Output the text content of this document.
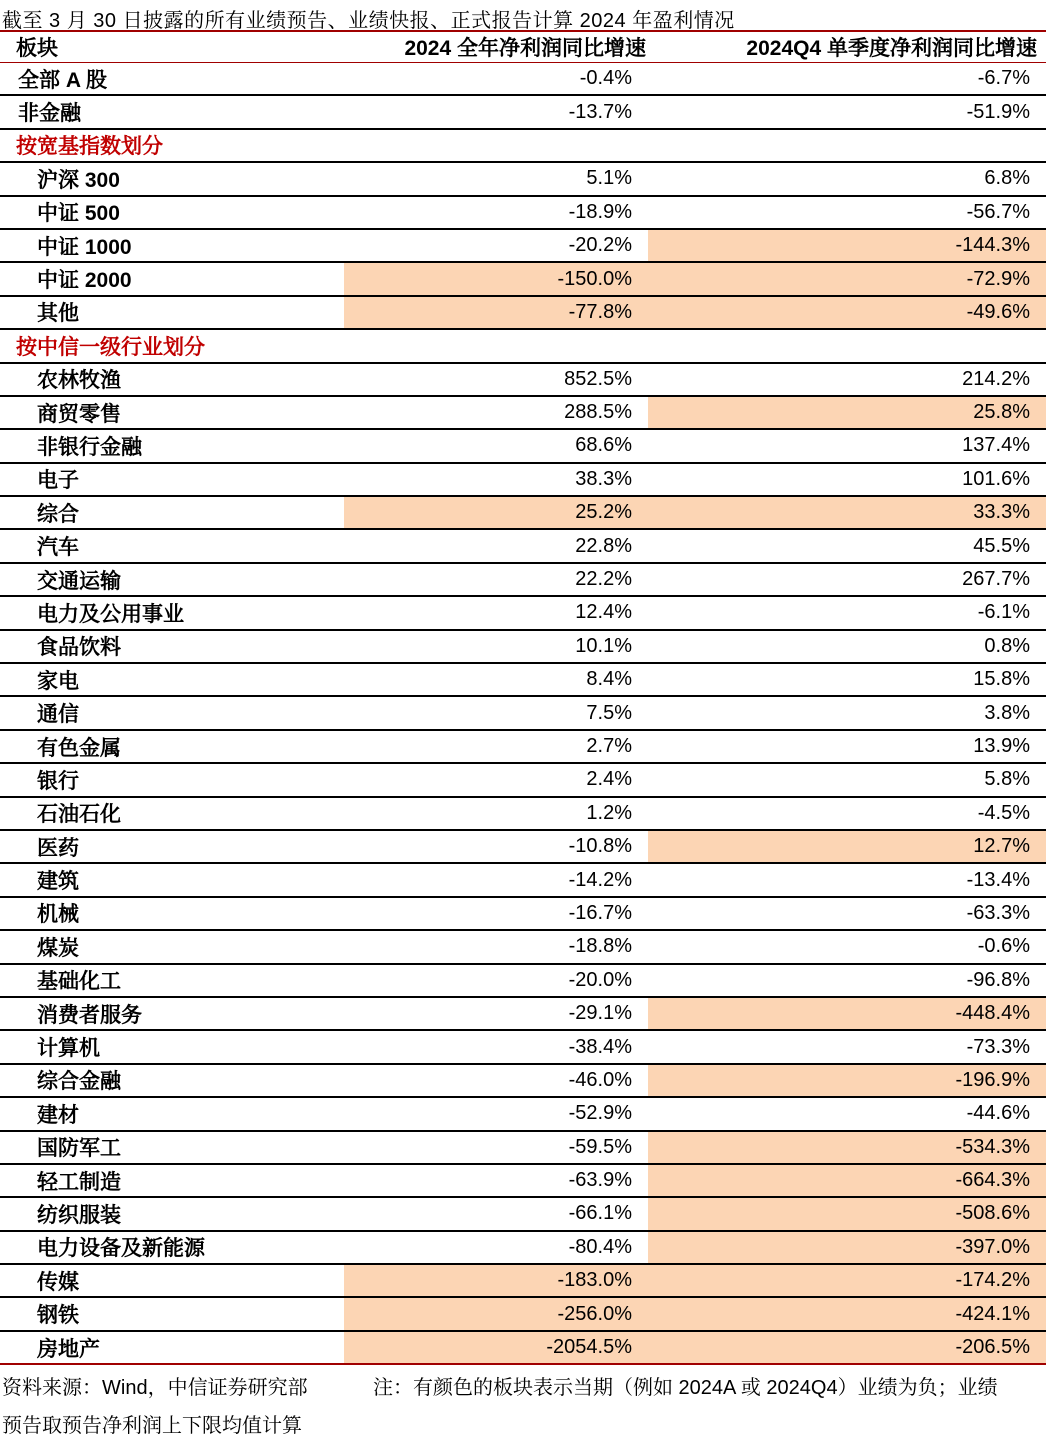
截至 3 月 30 日披露的所有业绩预告、业绩快报、正式报告计算 2024 年盈利情况
板块	2024 全年净利润同比增速	2024Q4 单季度净利润同比增速
全部 A 股	-0.4%	-6.7%
非金融	-13.7%	-51.9%
按宽基指数划分		
沪深 300	5.1%	6.8%
中证 500	-18.9%	-56.7%
中证 1000	-20.2%	-144.3%
中证 2000	-150.0%	-72.9%
其他	-77.8%	-49.6%
按中信一级行业划分		
农林牧渔	852.5%	214.2%
商贸零售	288.5%	25.8%
非银行金融	68.6%	137.4%
电子	38.3%	101.6%
综合	25.2%	33.3%
汽车	22.8%	45.5%
交通运输	22.2%	267.7%
电力及公用事业	12.4%	-6.1%
食品饮料	10.1%	0.8%
家电	8.4%	15.8%
通信	7.5%	3.8%
有色金属	2.7%	13.9%
银行	2.4%	5.8%
石油石化	1.2%	-4.5%
医药	-10.8%	12.7%
建筑	-14.2%	-13.4%
机械	-16.7%	-63.3%
煤炭	-18.8%	-0.6%
基础化工	-20.0%	-96.8%
消费者服务	-29.1%	-448.4%
计算机	-38.4%	-73.3%
综合金融	-46.0%	-196.9%
建材	-52.9%	-44.6%
国防军工	-59.5%	-534.3%
轻工制造	-63.9%	-664.3%
纺织服装	-66.1%	-508.6%
电力设备及新能源	-80.4%	-397.0%
传媒	-183.0%	-174.2%
钢铁	-256.0%	-424.1%
房地产	-2054.5%	-206.5%
资料来源：Wind，中信证券研究部	注：有颜色的板块表示当期（例如 2024A 或 2024Q4）业绩为负；业绩
预告取预告净利润上下限均值计算
